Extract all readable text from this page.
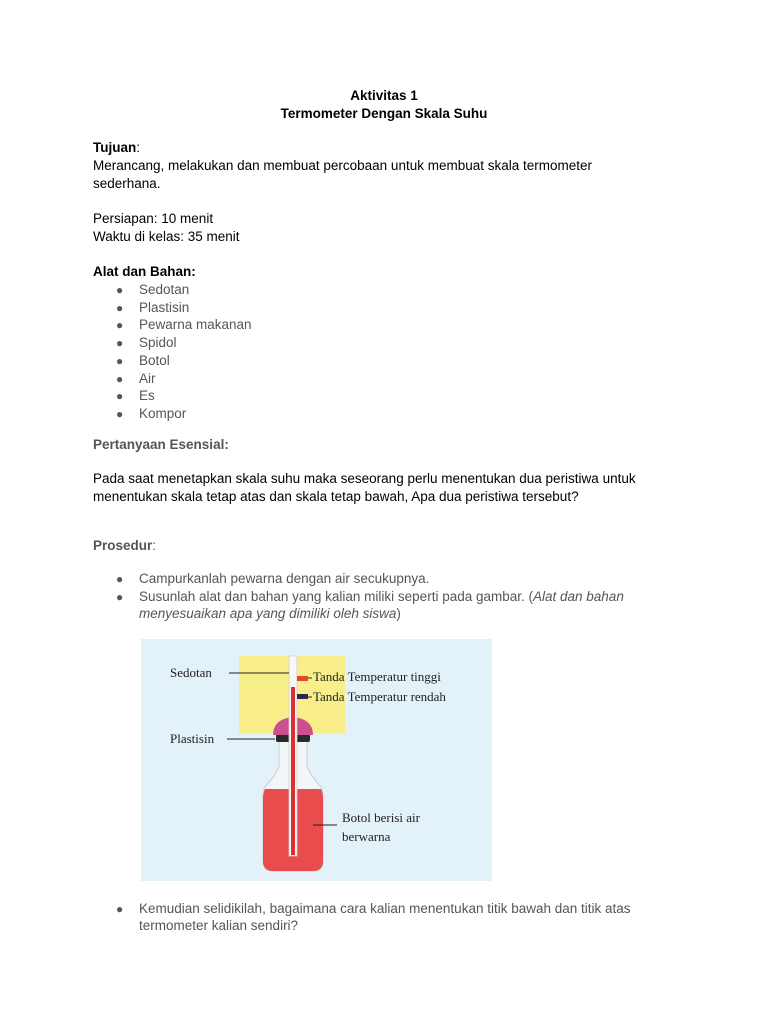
Aktivitas 1
Termometer Dengan Skala Suhu
Tujuan:
Merancang, melakukan dan membuat percobaan untuk membuat skala termometer
sederhana.
Persiapan: 10 menit
Waktu di kelas: 35 menit
Alat dan Bahan:
● Sedotan
● Plastisin
● Pewarna makanan
● Spidol
● Botol
● Air
● Es
● Kompor
Pertanyaan Esensial:
Pada saat menetapkan skala suhu maka seseorang perlu menentukan dua peristiwa untuk
menentukan skala tetap atas dan skala tetap bawah, Apa dua peristiwa tersebut?
Prosedur:
● Campurkanlah pewarna dengan air secukupnya.
● Susunlah alat dan bahan yang kalian miliki seperti pada gambar. (Alat dan bahan
menyesuaikan apa yang dimiliki oleh siswa)
Sedotan	Tanda Temperatur tinggi
Tanda Temperatur rendah
Plastisin
Botol berisi air
berwarna
● Kemudian selidikilah, bagaimana cara kalian menentukan titik bawah dan titik atas
termometer kalian sendiri?
